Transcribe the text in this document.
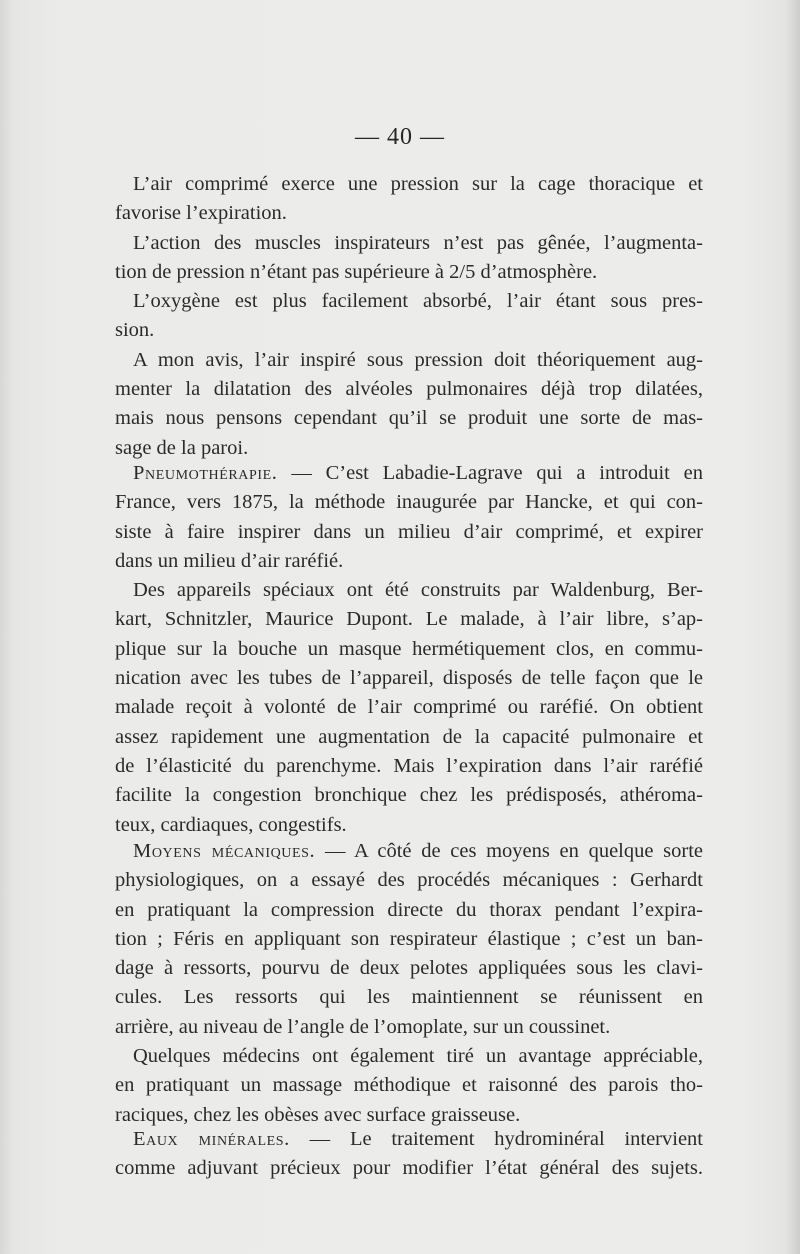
— 40 —
L’air comprimé exerce une pression sur la cage thoracique et
favorise l’expiration.
L’action des muscles inspirateurs n’est pas gênée, l’augmenta-
tion de pression n’étant pas supérieure à 2/5 d’atmosphère.
L’oxygène est plus facilement absorbé, l’air étant sous pres-
sion.
A mon avis, l’air inspiré sous pression doit théoriquement aug-
menter la dilatation des alvéoles pulmonaires déjà trop dilatées,
mais nous pensons cependant qu’il se produit une sorte de mas-
sage de la paroi.
Pneumothérapie. — C’est Labadie-Lagrave qui a introduit en
France, vers 1875, la méthode inaugurée par Hancke, et qui con-
siste à faire inspirer dans un milieu d’air comprimé, et expirer
dans un milieu d’air raréfié.
Des appareils spéciaux ont été construits par Waldenburg, Ber-
kart, Schnitzler, Maurice Dupont. Le malade, à l’air libre, s’ap-
plique sur la bouche un masque hermétiquement clos, en commu-
nication avec les tubes de l’appareil, disposés de telle façon que le
malade reçoit à volonté de l’air comprimé ou raréfié. On obtient
assez rapidement une augmentation de la capacité pulmonaire et
de l’élasticité du parenchyme. Mais l’expiration dans l’air raréfié
facilite la congestion bronchique chez les prédisposés, athéroma-
teux, cardiaques, congestifs.
Moyens mécaniques. — A côté de ces moyens en quelque sorte
physiologiques, on a essayé des procédés mécaniques : Gerhardt
en pratiquant la compression directe du thorax pendant l’expira-
tion ; Féris en appliquant son respirateur élastique ; c’est un ban-
dage à ressorts, pourvu de deux pelotes appliquées sous les clavi-
cules. Les ressorts qui les maintiennent se réunissent en
arrière, au niveau de l’angle de l’omoplate, sur un coussinet.
Quelques médecins ont également tiré un avantage appréciable,
en pratiquant un massage méthodique et raisonné des parois tho-
raciques, chez les obèses avec surface graisseuse.
Eaux minérales. — Le traitement hydrominéral intervient
comme adjuvant précieux pour modifier l’état général des sujets.
